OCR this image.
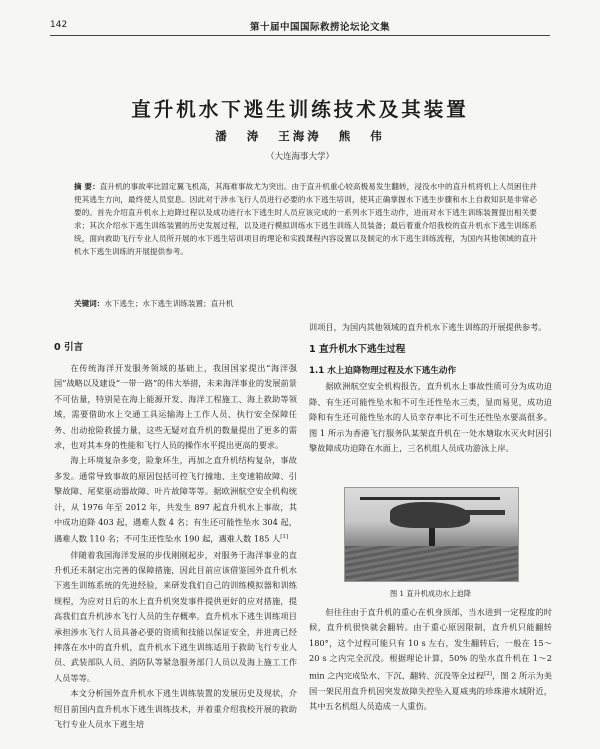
142	第十届中国国际救捞论坛论文集
直升机水下逃生训练技术及其装置
潘 涛 王海涛 熊 伟
（大连海事大学）
摘 要：直升机的事故率比固定翼飞机高，其海难事故尤为突出。由于直升机重心较高极易发生翻转，浸没水中的直升机将机上人员困住并使其逃生方向，最终使人员窒息。因此对于涉水飞行人员进行必要的水下逃生培训，使其正确掌握水下逃生步骤和水上自救知识是非常必要的。首先介绍直升机水上迫降过程以及成功进行水下逃生时人员应该完成的一系列水下逃生动作，进而对水下逃生训练装置提出相关要求；其次介绍水下逃生训练装置的历史发展过程，以及进行模拟训练水下逃生训练人员装备；最后着重介绍我校的直升机水下逃生训练系统，面向救助飞行专业人员所开展的水下逃生培训项目的理论和实践课程内容设置以及制定的水下逃生训练流程，为国内其他领域的直升机水下逃生训练的开展提供参考。
关键词：水下逃生；水下逃生训练装置；直升机
0 引言

在传统海洋开发服务领域的基础上，我国国家提出“海洋强国”战略以及建设“一带一路”的伟大举措，未来海洋事业的发展前景不可估量，特别是在海上能源开发、海洋工程施工、海上救助等领域，需要借助水上交通工具运输海上工作人员、执行安全保障任务、出动抢险救援力量，这些无疑对直升机的数量提出了更多的需求，也对其本身的性能和飞行人员的操作水平提出更高的要求。

海上环境复杂多变，险象环生，再加之直升机结构复杂，事故多发。通常导致事故的原因包括可控飞行撞地、主变速箱故障、引擎故障、尾桨驱动器故障、叶片故障等等。据欧洲航空安全机构统计，从 1976 年至 2012 年，共发生 897 起直升机水上事故，其中成功迫降 403 起，遇难人数 4 名；有生还可能性坠水 304 起，遇难人数 110 名；不可生还性坠水 190 起，遇难人数 185 人[1]

伴随着我国海洋发展的步伐刚刚起步，对服务于海洋事业的直升机还未制定出完善的保障措施，因此目前应该借鉴国外直升机水下逃生训练系统的先进经验，来研发我们自己的训练模拟器和训练规程，为应对日后的水上直升机突发事件提供更好的应对措施，提高我们直升机涉水飞行人员的生存概率。直升机水下逃生训练项目承担涉水飞行人员具备必要的资质和技能以保证安全，并进离已经摔落在水中的直升机，直升机水下逃生训练适用于救助飞行专业人员、武装部队人员、消防队等紧急服务部门人员以及海上施工工作人员等等。

本文分析国外直升机水下逃生训练装置的发展历史及现状，介绍目前国内直升机水下逃生训练技术，并着重介绍我校开展的救助飞行专业人员水下逃生培

训项目，为国内其他领域的直升机水下逃生训练的开展提供参考。

1 直升机水下逃生过程
1.1 水上迫降物理过程及水下逃生动作

据欧洲航空安全机构报告，直升机水上事故性质可分为成功迫降、有生还可能性坠水和不可生还性坠水三类，显而易见，成功迫降和有生还可能性坠水的人员幸存率比不可生还性坠水要高很多。图 1 所示为香港飞行服务队某架直升机在一处水塘取水灭火时因引擎故障成功迫降在水面上，三名机组人员成功游泳上岸。

图 1 直升机成功水上迫降

但往往由于直升机的重心在机身顶部，当水进到一定程度的时候，直升机很快就会翻转。由于重心原因限制，直升机只能翻转 180°，这个过程可能只有 10 s 左右，发生翻转后，一般在 15～20 s 之内完全沉没。根据理论计算，50% 的坠水直升机在 1～2 min 之内完成坠水、下沉、翻转、沉没等全过程[2]，图 2 所示为美国一架民用直升机因突发故障失控坠入夏威夷的珍珠港水域附近，其中五名机组人员造成一人重伤。
